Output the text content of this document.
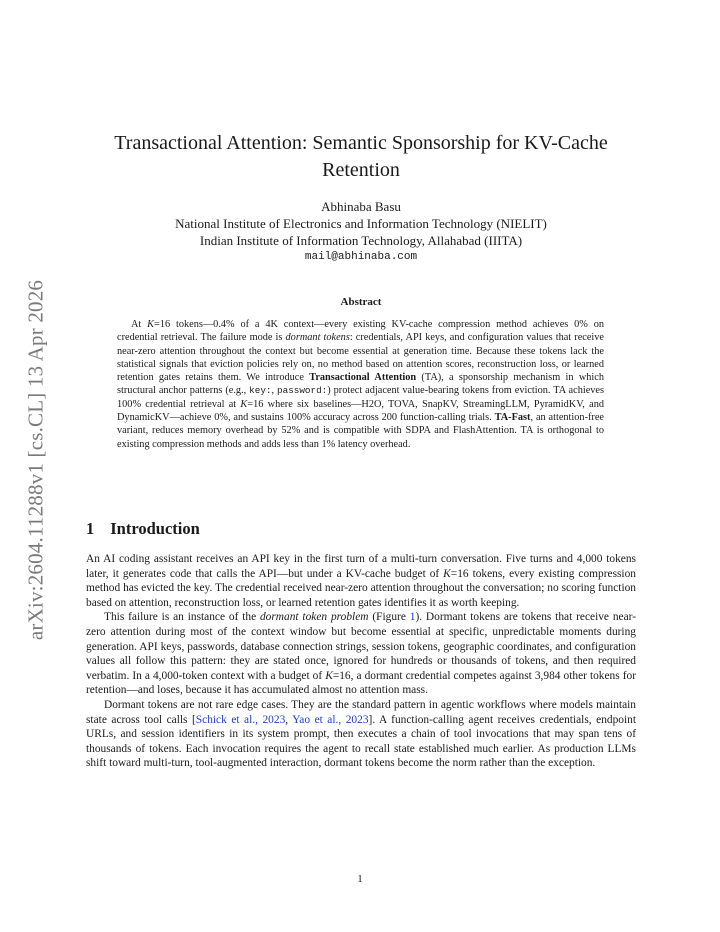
arXiv:2604.11288v1 [cs.CL] 13 Apr 2026
Transactional Attention: Semantic Sponsorship for KV-Cache Retention
Abhinaba Basu
National Institute of Electronics and Information Technology (NIELIT)
Indian Institute of Information Technology, Allahabad (IIITA)
mail@abhinaba.com
Abstract
At K=16 tokens—0.4% of a 4K context—every existing KV-cache compression method achieves 0% on credential retrieval. The failure mode is dormant tokens: credentials, API keys, and configuration values that receive near-zero attention throughout the context but become essential at generation time. Because these tokens lack the statistical signals that eviction policies rely on, no method based on attention scores, reconstruction loss, or learned retention gates retains them. We introduce Transactional Attention (TA), a sponsorship mechanism in which structural anchor patterns (e.g., key:, password:) protect adjacent value-bearing tokens from eviction. TA achieves 100% credential retrieval at K=16 where six baselines—H2O, TOVA, SnapKV, StreamingLLM, PyramidKV, and DynamicKV—achieve 0%, and sustains 100% accuracy across 200 function-calling trials. TA-Fast, an attention-free variant, reduces memory overhead by 52% and is compatible with SDPA and FlashAttention. TA is orthogonal to existing compression methods and adds less than 1% latency overhead.
1 Introduction

An AI coding assistant receives an API key in the first turn of a multi-turn conversation. Five turns and 4,000 tokens later, it generates code that calls the API—but under a KV-cache budget of K=16 tokens, every existing compression method has evicted the key. The credential received near-zero attention throughout the conversation; no scoring function based on attention, reconstruction loss, or learned retention gates identifies it as worth keeping.

This failure is an instance of the dormant token problem (Figure 1). Dormant tokens are tokens that receive near-zero attention during most of the context window but become essential at specific, unpredictable moments during generation. API keys, passwords, database connection strings, session tokens, geographic coordinates, and configuration values all follow this pattern: they are stated once, ignored for hundreds or thousands of tokens, and then required verbatim. In a 4,000-token context with a budget of K=16, a dormant credential competes against 3,984 other tokens for retention—and loses, because it has accumulated almost no attention mass.

Dormant tokens are not rare edge cases. They are the standard pattern in agentic workflows where models maintain state across tool calls [Schick et al., 2023, Yao et al., 2023]. A function-calling agent receives credentials, endpoint URLs, and session identifiers in its system prompt, then executes a chain of tool invocations that may span tens of thousands of tokens. Each invocation requires the agent to recall state established much earlier. As production LLMs shift toward multi-turn, tool-augmented interaction, dormant tokens become the norm rather than the exception.

1
